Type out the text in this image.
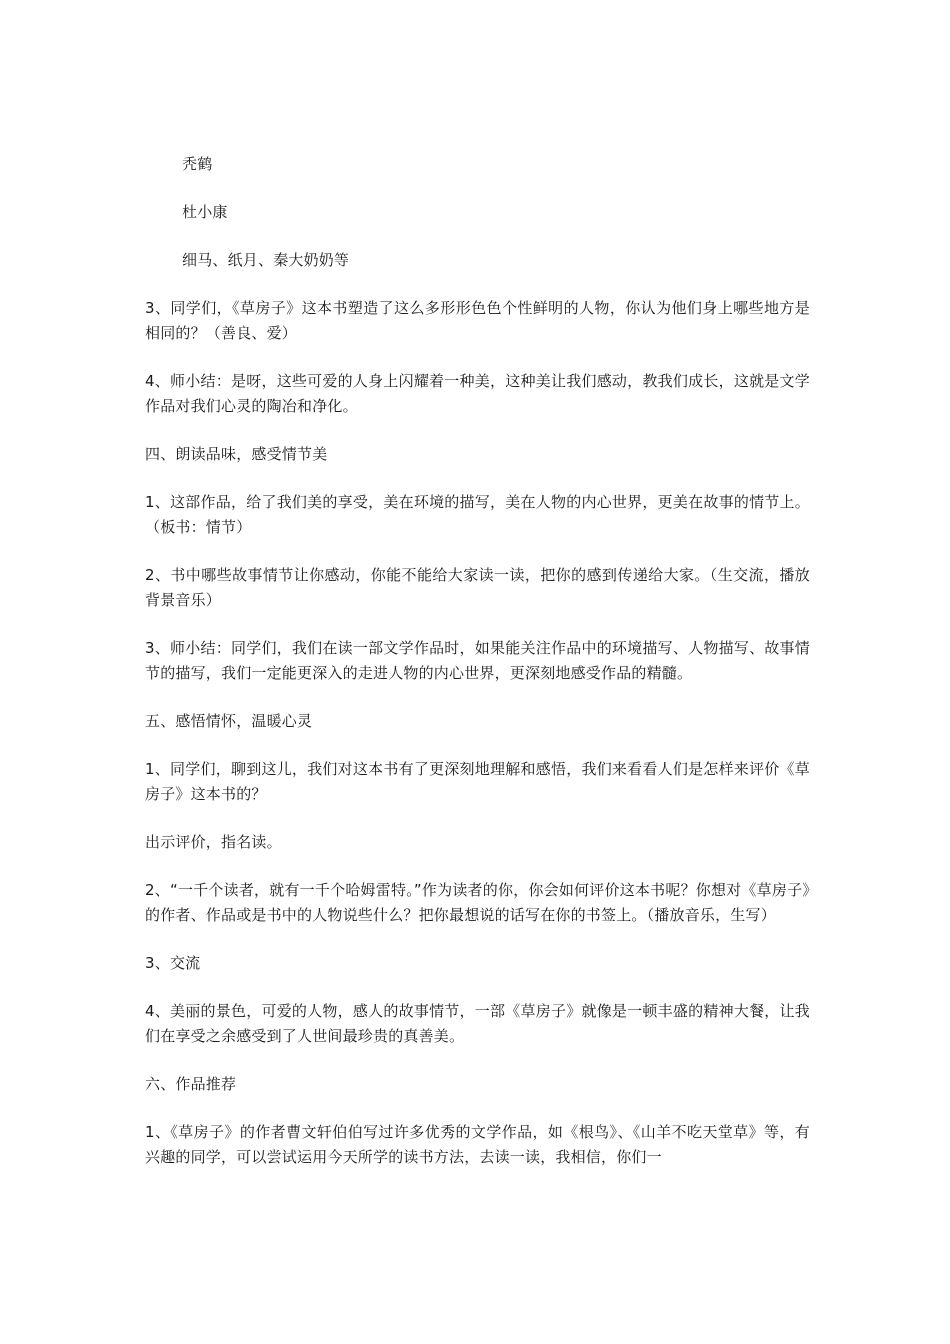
秃鹤

杜小康

细马、纸月、秦大奶奶等

3、同学们，《草房子》这本书塑造了这么多形形色色个性鲜明的人物，你认为他们身上哪些地方是相同的？（善良、爱）

4、师小结：是呀，这些可爱的人身上闪耀着一种美，这种美让我们感动，教我们成长，这就是文学作品对我们心灵的陶冶和净化。

四、朗读品味，感受情节美

1、这部作品，给了我们美的享受，美在环境的描写，美在人物的内心世界，更美在故事的情节上。（板书：情节）

2、书中哪些故事情节让你感动，你能不能给大家读一读，把你的感到传递给大家。（生交流，播放背景音乐）

3、师小结：同学们，我们在读一部文学作品时，如果能关注作品中的环境描写、人物描写、故事情节的描写，我们一定能更深入的走进人物的内心世界，更深刻地感受作品的精髓。

五、感悟情怀，温暖心灵

1、同学们，聊到这儿，我们对这本书有了更深刻地理解和感悟，我们来看看人们是怎样来评价《草房子》这本书的？

出示评价，指名读。

2、“一千个读者，就有一千个哈姆雷特。”作为读者的你，你会如何评价这本书呢？你想对《草房子》的作者、作品或是书中的人物说些什么？把你最想说的话写在你的书签上。（播放音乐，生写）

3、交流

4、美丽的景色，可爱的人物，感人的故事情节，一部《草房子》就像是一顿丰盛的精神大餐，让我们在享受之余感受到了人世间最珍贵的真善美。

六、作品推荐

1、《草房子》的作者曹文轩伯伯写过许多优秀的文学作品，如《根鸟》、《山羊不吃天堂草》等，有兴趣的同学，可以尝试运用今天所学的读书方法，去读一读，我相信，你们一
